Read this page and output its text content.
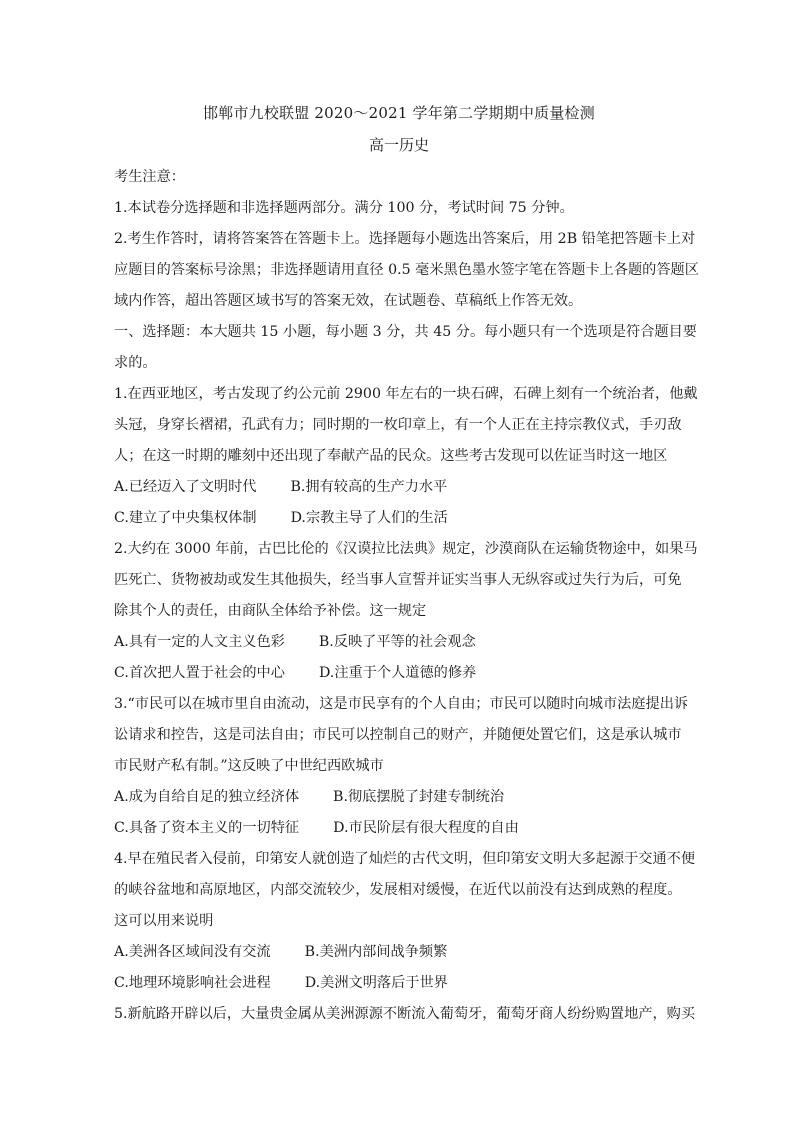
邯郸市九校联盟 2020～2021 学年第二学期期中质量检测

高一历史

考生注意：

1.本试卷分选择题和非选择题两部分。满分 100 分，考试时间 75 分钟。

2.考生作答时，请将答案答在答题卡上。选择题每小题选出答案后，用 2B 铅笔把答题卡上对

应题目的答案标号涂黑；非选择题请用直径 0.5 毫米黑色墨水签字笔在答题卡上各题的答题区

域内作答，超出答题区域书写的答案无效，在试题卷、草稿纸上作答无效。

一、选择题：本大题共 15 小题，每小题 3 分，共 45 分。每小题只有一个选项是符合题目要

求的。

1.在西亚地区，考古发现了约公元前 2900 年左右的一块石碑，石碑上刻有一个统治者，他戴

头冠，身穿长褶裙，孔武有力；同时期的一枚印章上，有一个人正在主持宗教仪式，手刃敌

人；在这一时期的雕刻中还出现了奉献产品的民众。这些考古发现可以佐证当时这一地区

A.已经迈入了文明时代 B.拥有较高的生产力水平

C.建立了中央集权体制 D.宗教主导了人们的生活

2.大约在 3000 年前，古巴比伦的《汉谟拉比法典》规定，沙漠商队在运输货物途中，如果马

匹死亡、货物被劫或发生其他损失，经当事人宣誓并证实当事人无纵容或过失行为后，可免

除其个人的责任，由商队全体给予补偿。这一规定

A.具有一定的人文主义色彩 B.反映了平等的社会观念

C.首次把人置于社会的中心 D.注重于个人道德的修养

3.“市民可以在城市里自由流动，这是市民享有的个人自由；市民可以随时向城市法庭提出诉

讼请求和控告，这是司法自由；市民可以控制自己的财产，并随便处置它们，这是承认城市

市民财产私有制。”这反映了中世纪西欧城市

A.成为自给自足的独立经济体 B.彻底摆脱了封建专制统治

C.具备了资本主义的一切特征 D.市民阶层有很大程度的自由

4.早在殖民者入侵前，印第安人就创造了灿烂的古代文明，但印第安文明大多起源于交通不便

的峡谷盆地和高原地区，内部交流较少，发展相对缓慢，在近代以前没有达到成熟的程度。

这可以用来说明

A.美洲各区域间没有交流 B.美洲内部间战争频繁

C.地理环境影响社会进程 D.美洲文明落后于世界

5.新航路开辟以后，大量贵金属从美洲源源不断流入葡萄牙，葡萄牙商人纷纷购置地产，购买
